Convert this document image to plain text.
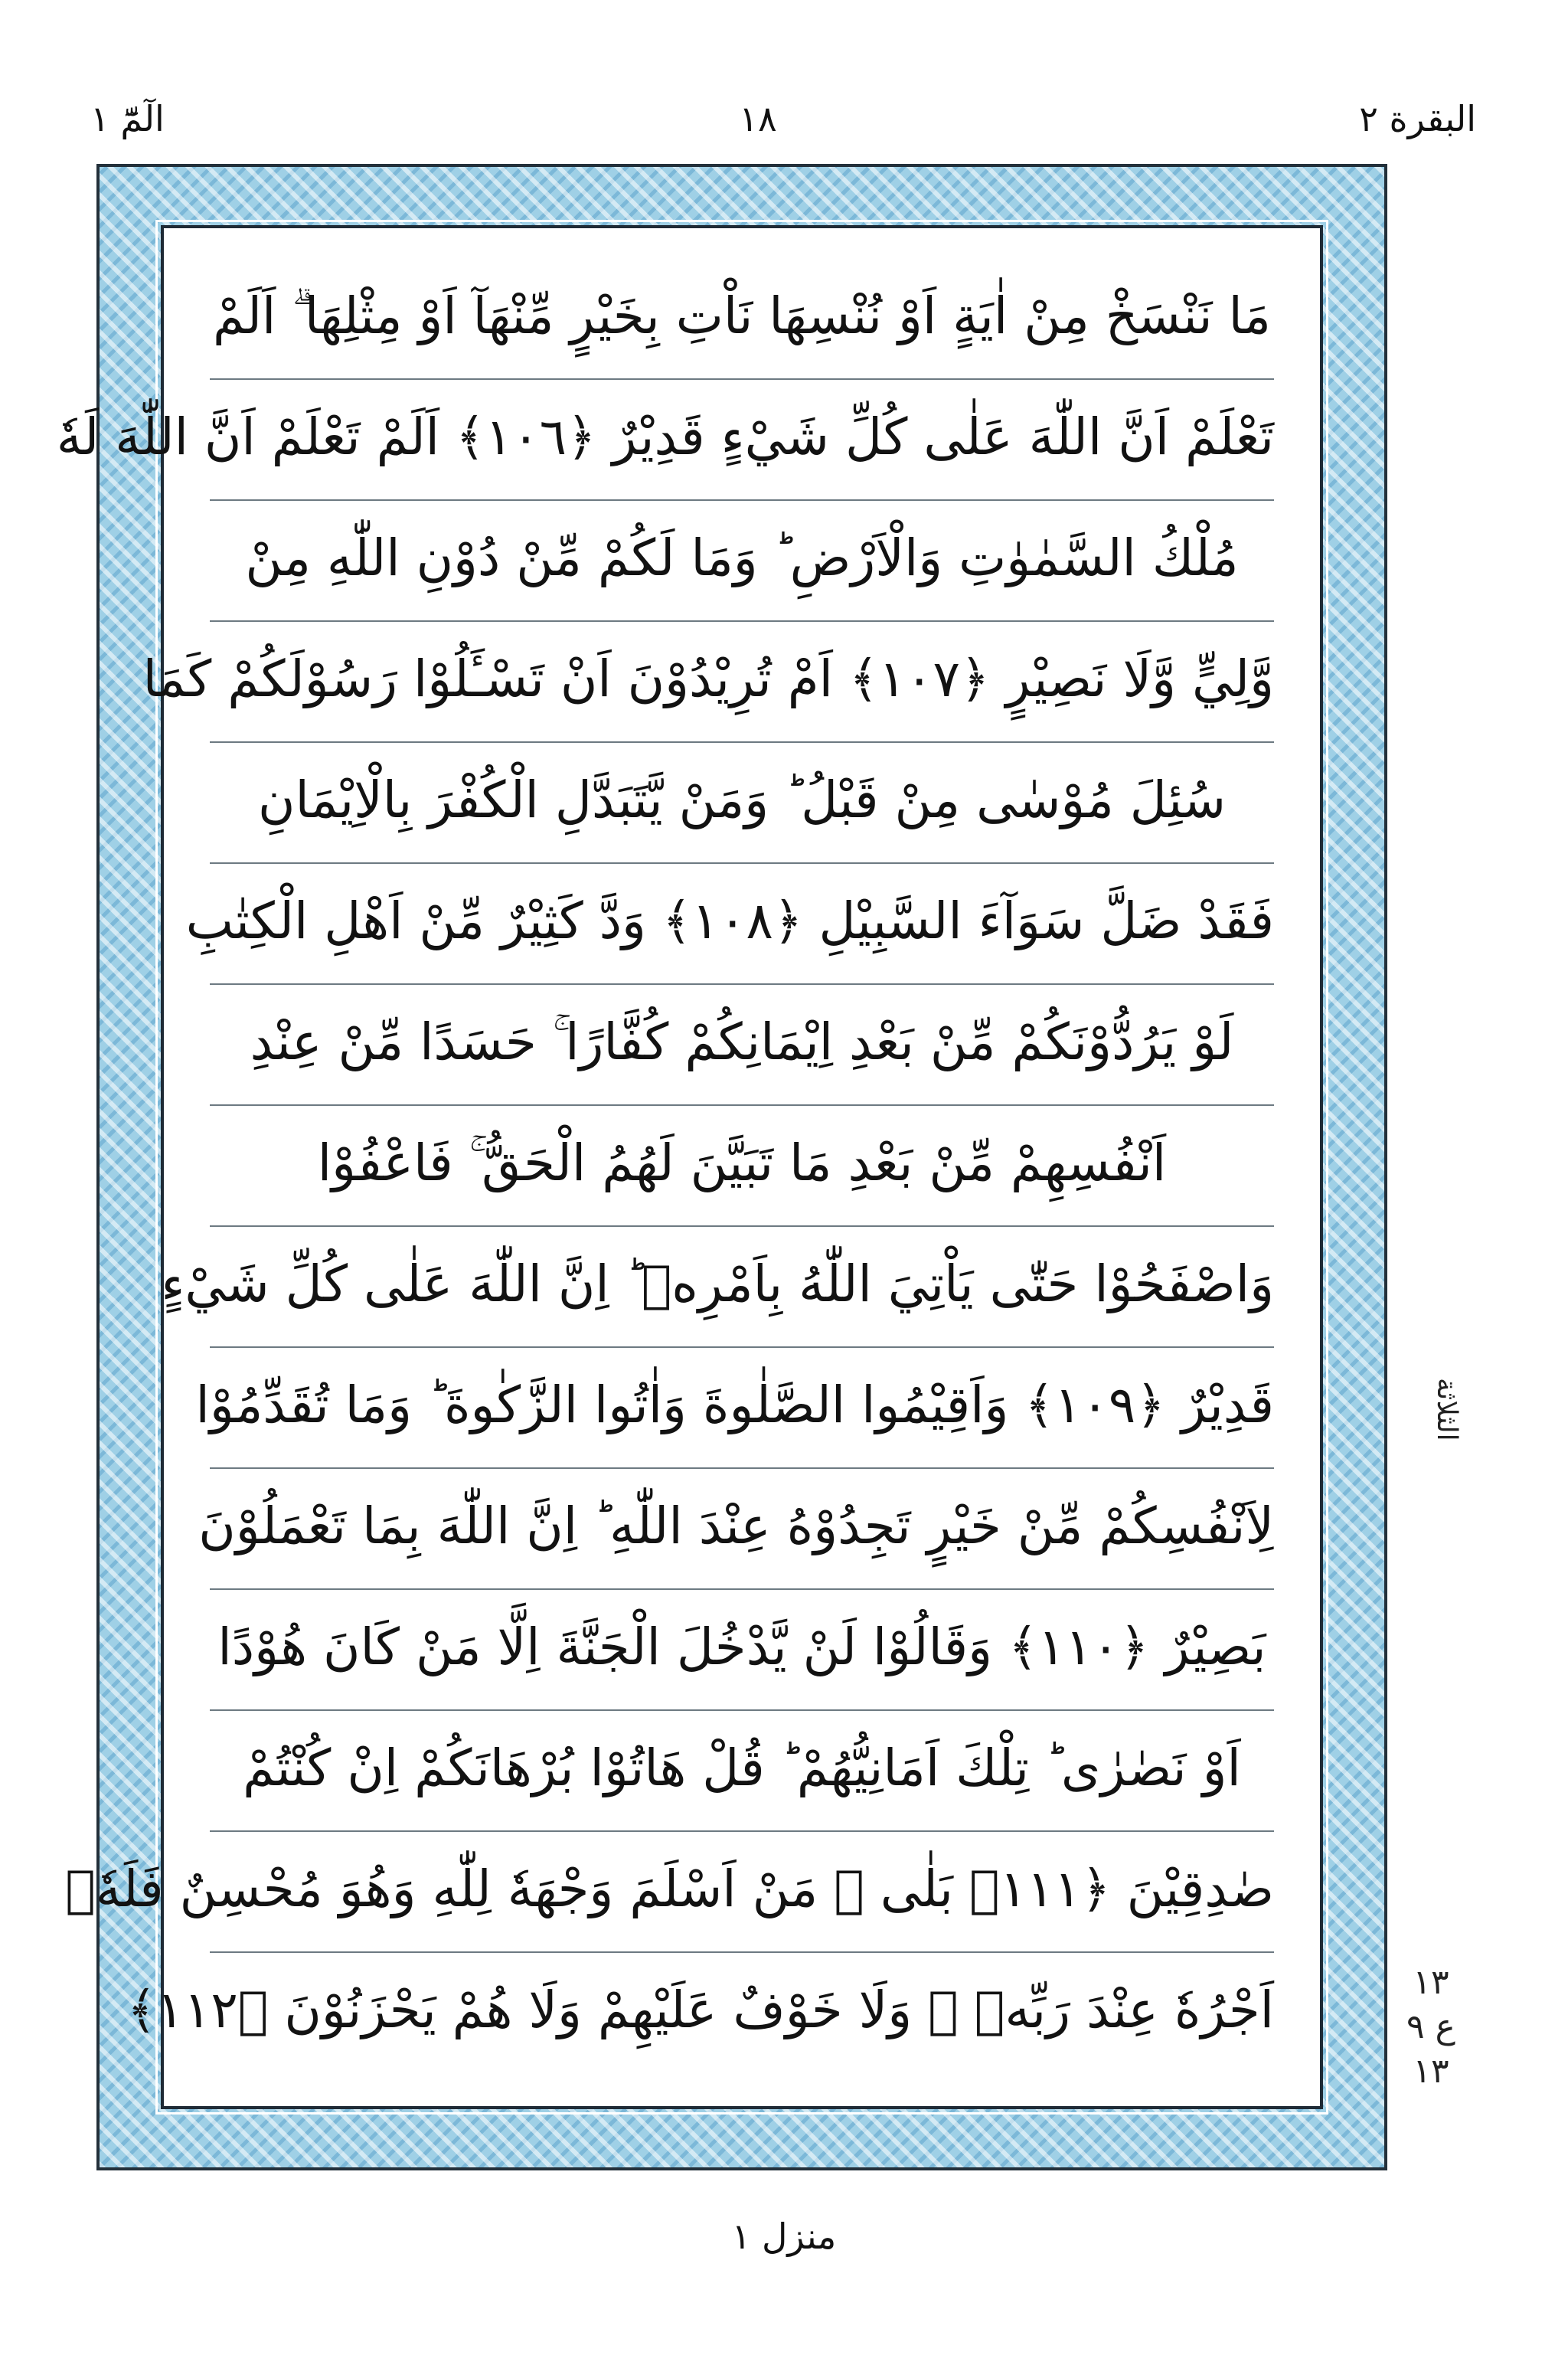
الٓمّٓ ١	١٨	البقرة ٢
مَا نَنْسَخْ مِنْ اٰيَةٍ اَوْ نُنْسِهَا نَاْتِ بِخَيْرٍ مِّنْهَآ اَوْ مِثْلِهَا ۗ اَلَمْ
تَعْلَمْ اَنَّ اللّٰهَ عَلٰى كُلِّ شَيْءٍ قَدِيْرٌ ﴿١٠٦﴾ اَلَمْ تَعْلَمْ اَنَّ اللّٰهَ لَهٗ
مُلْكُ السَّمٰوٰتِ وَالْاَرْضِ ؕ وَمَا لَكُمْ مِّنْ دُوْنِ اللّٰهِ مِنْ
وَّلِيٍّ وَّلَا نَصِيْرٍ ﴿١٠٧﴾ اَمْ تُرِيْدُوْنَ اَنْ تَسْـَٔلُوْا رَسُوْلَكُمْ كَمَا
سُئِلَ مُوْسٰى مِنْ قَبْلُ ؕ وَمَنْ يَّتَبَدَّلِ الْكُفْرَ بِالْاِيْمَانِ
فَقَدْ ضَلَّ سَوَآءَ السَّبِيْلِ ﴿١٠٨﴾ وَدَّ كَثِيْرٌ مِّنْ اَهْلِ الْكِتٰبِ
لَوْ يَرُدُّوْنَكُمْ مِّنْ بَعْدِ اِيْمَانِكُمْ كُفَّارًا ۚ حَسَدًا مِّنْ عِنْدِ
اَنْفُسِهِمْ مِّنْ بَعْدِ مَا تَبَيَّنَ لَهُمُ الْحَقُّ ۚ فَاعْفُوْا
وَاصْفَحُوْا حَتّٰى يَاْتِيَ اللّٰهُ بِاَمْرِهٖ ؕ اِنَّ اللّٰهَ عَلٰى كُلِّ شَيْءٍ
قَدِيْرٌ ﴿١٠٩﴾ وَاَقِيْمُوا الصَّلٰوةَ وَاٰتُوا الزَّكٰوةَ ؕ وَمَا تُقَدِّمُوْا
لِاَنْفُسِكُمْ مِّنْ خَيْرٍ تَجِدُوْهُ عِنْدَ اللّٰهِ ؕ اِنَّ اللّٰهَ بِمَا تَعْمَلُوْنَ
بَصِيْرٌ ﴿١١٠﴾ وَقَالُوْا لَنْ يَّدْخُلَ الْجَنَّةَ اِلَّا مَنْ كَانَ هُوْدًا
اَوْ نَصٰرٰى ؕ تِلْكَ اَمَانِيُّهُمْ ؕ قُلْ هَاتُوْا بُرْهَانَكُمْ اِنْ كُنْتُمْ
صٰدِقِيْنَ ﴿١١١﴾ بَلٰى ۚ مَنْ اَسْلَمَ وَجْهَهٗ لِلّٰهِ وَهُوَ مُحْسِنٌ فَلَهٗۤ
اَجْرُهٗ عِنْدَ رَبِّهٖ ۪ وَلَا خَوْفٌ عَلَيْهِمْ وَلَا هُمْ يَحْزَنُوْنَ ﴿١١٢﴾
الثلاثة
١٣
ع ٩
١٣
منزل ١
